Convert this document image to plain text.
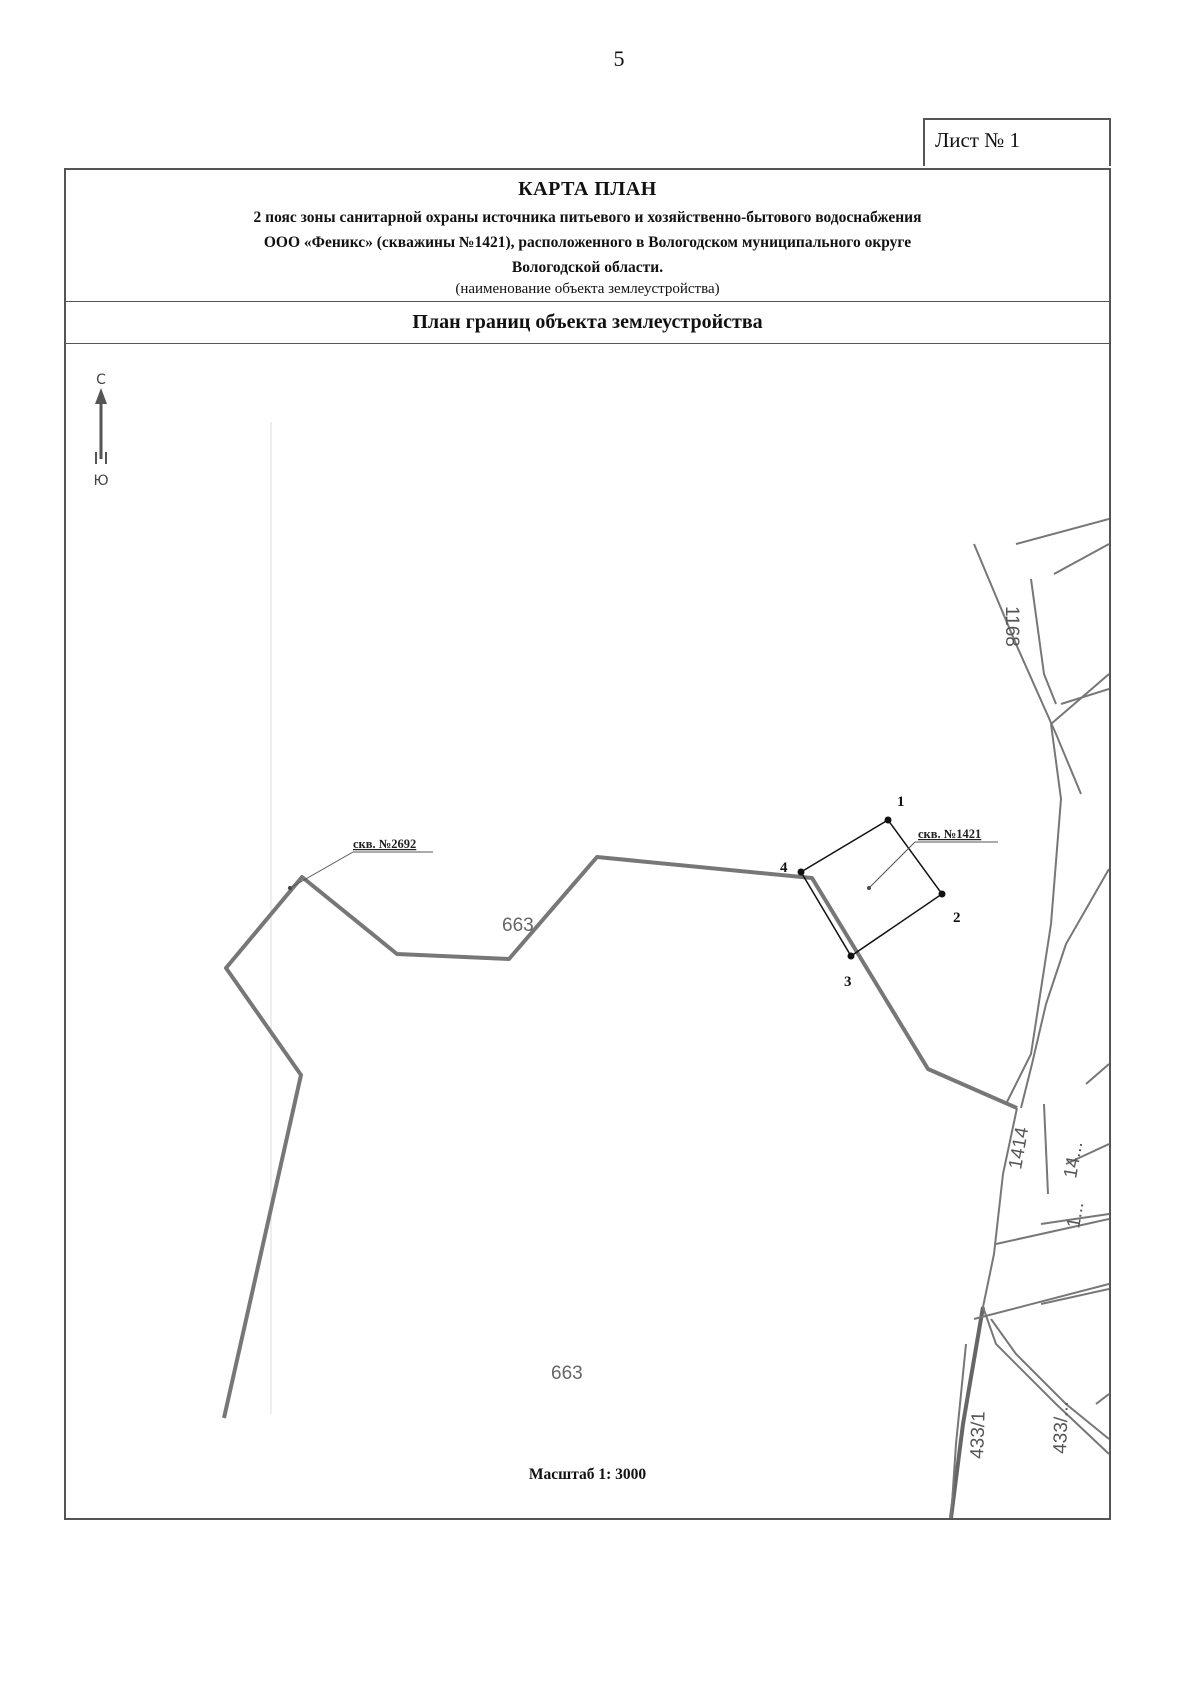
5
Лист № 1
КАРТА ПЛАН
2 пояс зоны санитарной охраны источника питьевого и хозяйственно-бытового водоснабжения
ООО «Феникс» (скважины №1421), расположенного в Вологодском муниципального округе
Вологодской области.
(наименование объекта землеустройства)
План границ объекта землеустройства
С
Ю
скв. №2692
скв. №1421
663
663
1
2
3
4
1168
1414
433/1	433/...
14...
1...
Масштаб 1: 3000
